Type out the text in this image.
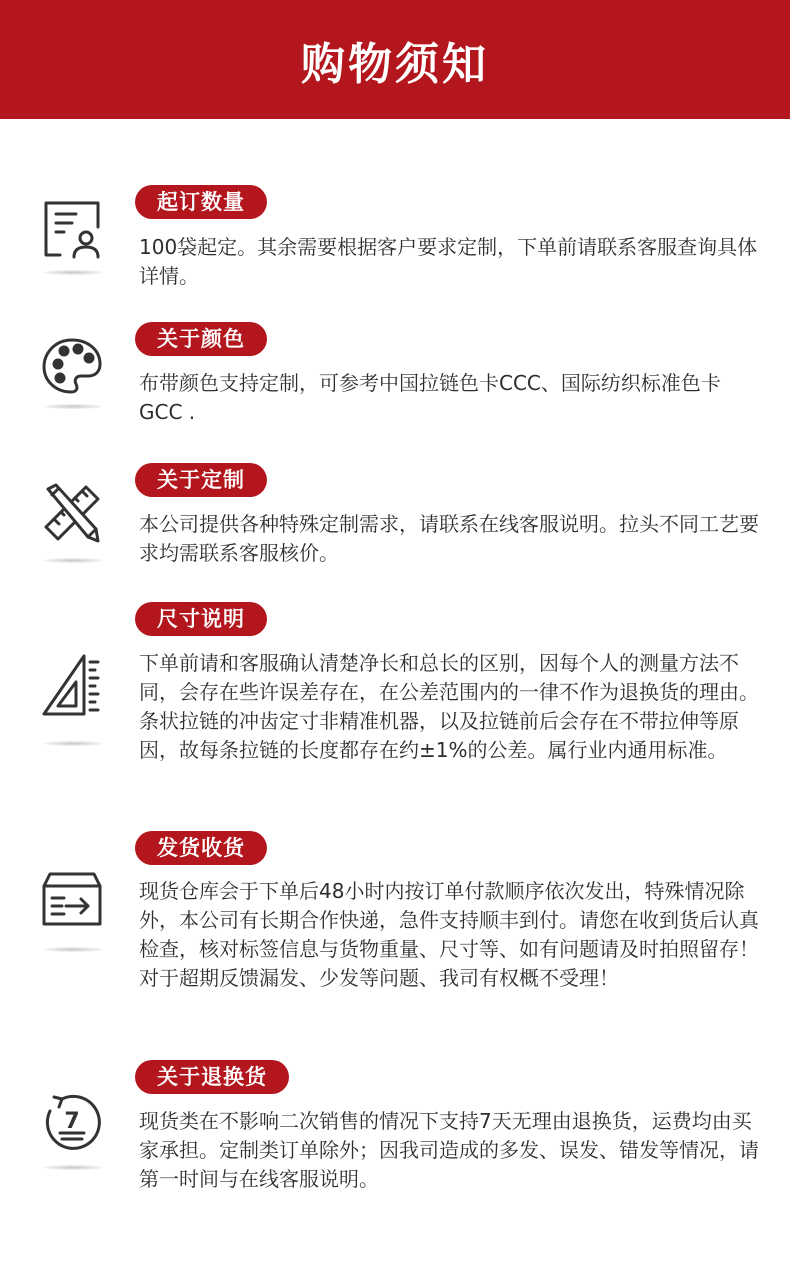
购物须知
起订数量

100袋起定。其余需要根据客户要求定制，下单前请联系客服查询具体详情。

关于颜色

布带颜色支持定制，可参考中国拉链色卡CCC、国际纺织标准色卡GCC .

关于定制

本公司提供各种特殊定制需求，请联系在线客服说明。拉头不同工艺要求均需联系客服核价。

尺寸说明

下单前请和客服确认清楚净长和总长的区别，因每个人的测量方法不同，会存在些许误差存在，在公差范围内的一律不作为退换货的理由。条状拉链的冲齿定寸非精准机器，以及拉链前后会存在不带拉伸等原因，故每条拉链的长度都存在约±1%的公差。属行业内通用标准。

发货收货

现货仓库会于下单后48小时内按订单付款顺序依次发出，特殊情况除外，本公司有长期合作快递，急件支持顺丰到付。请您在收到货后认真检查，核对标签信息与货物重量、尺寸等、如有问题请及时拍照留存！对于超期反馈漏发、少发等问题、我司有权概不受理！

7
关于退换货

现货类在不影响二次销售的情况下支持7天无理由退换货，运费均由买家承担。定制类订单除外；因我司造成的多发、误发、错发等情况，请第一时间与在线客服说明。
